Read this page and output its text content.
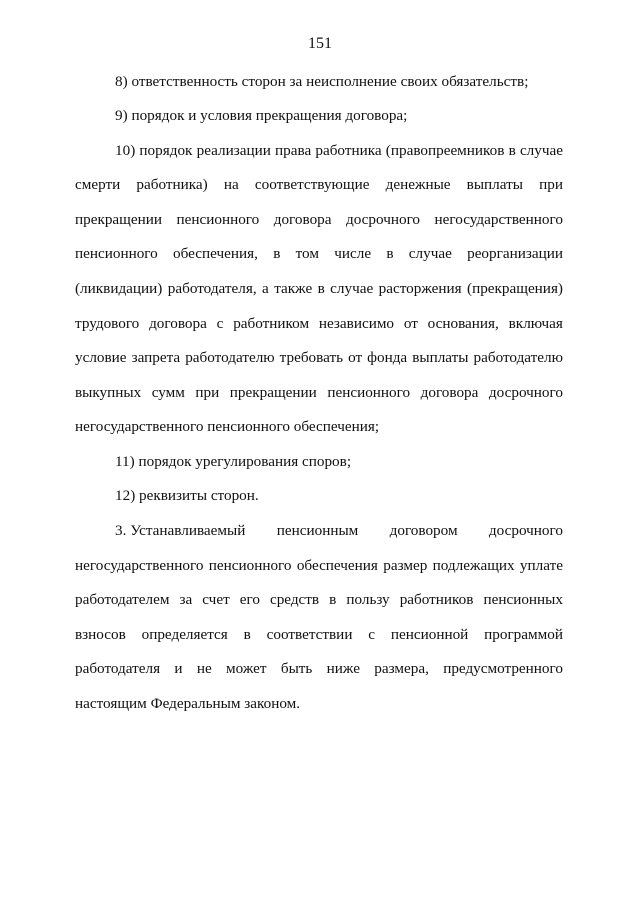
151
8) ответственность сторон за неисполнение своих обязательств;
9) порядок и условия прекращения договора;
10) порядок реализации права работника (правопреемников в случае
смерти работника) на соответствующие денежные выплаты при
прекращении пенсионного договора досрочного негосударственного
пенсионного обеспечения, в том числе в случае реорганизации
(ликвидации) работодателя, а также в случае расторжения (прекращения)
трудового договора с работником независимо от основания, включая
условие запрета работодателю требовать от фонда выплаты работодателю
выкупных сумм при прекращении пенсионного договора досрочного
негосударственного пенсионного обеспечения;
11) порядок урегулирования споров;
12) реквизиты сторон.
3. Устанавливаемый пенсионным договором досрочного
негосударственного пенсионного обеспечения размер подлежащих уплате
работодателем за счет его средств в пользу работников пенсионных
взносов определяется в соответствии с пенсионной программой
работодателя и не может быть ниже размера, предусмотренного
настоящим Федеральным законом.
